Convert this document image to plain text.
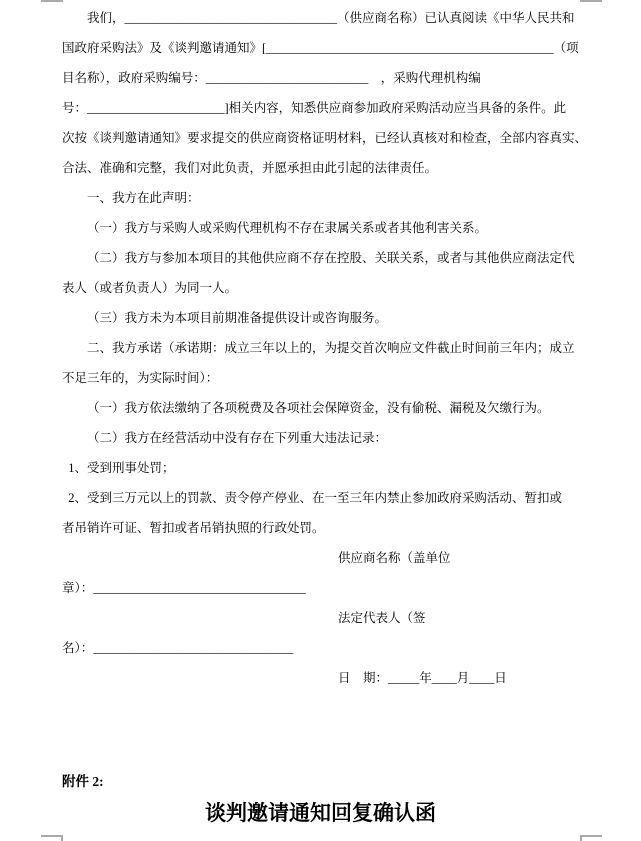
我们，__________________________________（供应商名称）已认真阅读《中华人民共和
国政府采购法》及《谈判邀请通知》[______________________________________________（项
目名称），政府采购编号：__________________________　，采购代理机构编
号：______________________]相关内容，知悉供应商参加政府采购活动应当具备的条件。此
次按《谈判邀请通知》要求提交的供应商资格证明材料，已经认真核对和检查，全部内容真实、
合法、准确和完整，我们对此负责，并愿承担由此引起的法律责任。
一、我方在此声明：
（一）我方与采购人或采购代理机构不存在隶属关系或者其他利害关系。
（二）我方与参加本项目的其他供应商不存在控股、关联关系，或者与其他供应商法定代
表人（或者负责人）为同一人。
（三）我方未为本项目前期准备提供设计或咨询服务。
二、我方承诺（承诺期：成立三年以上的，为提交首次响应文件截止时间前三年内；成立
不足三年的，为实际时间）：
（一）我方依法缴纳了各项税费及各项社会保障资金，没有偷税、漏税及欠缴行为。
（二）我方在经营活动中没有存在下列重大违法记录：
1、受到刑事处罚；
2、受到三万元以上的罚款、责令停产停业、在一至三年内禁止参加政府采购活动、暂扣或
者吊销许可证、暂扣或者吊销执照的行政处罚。
供应商名称（盖单位
章）：__________________________________
法定代表人（签
名）：________________________________
日　期：_____年____月____日
附件 2:
谈判邀请通知回复确认函
